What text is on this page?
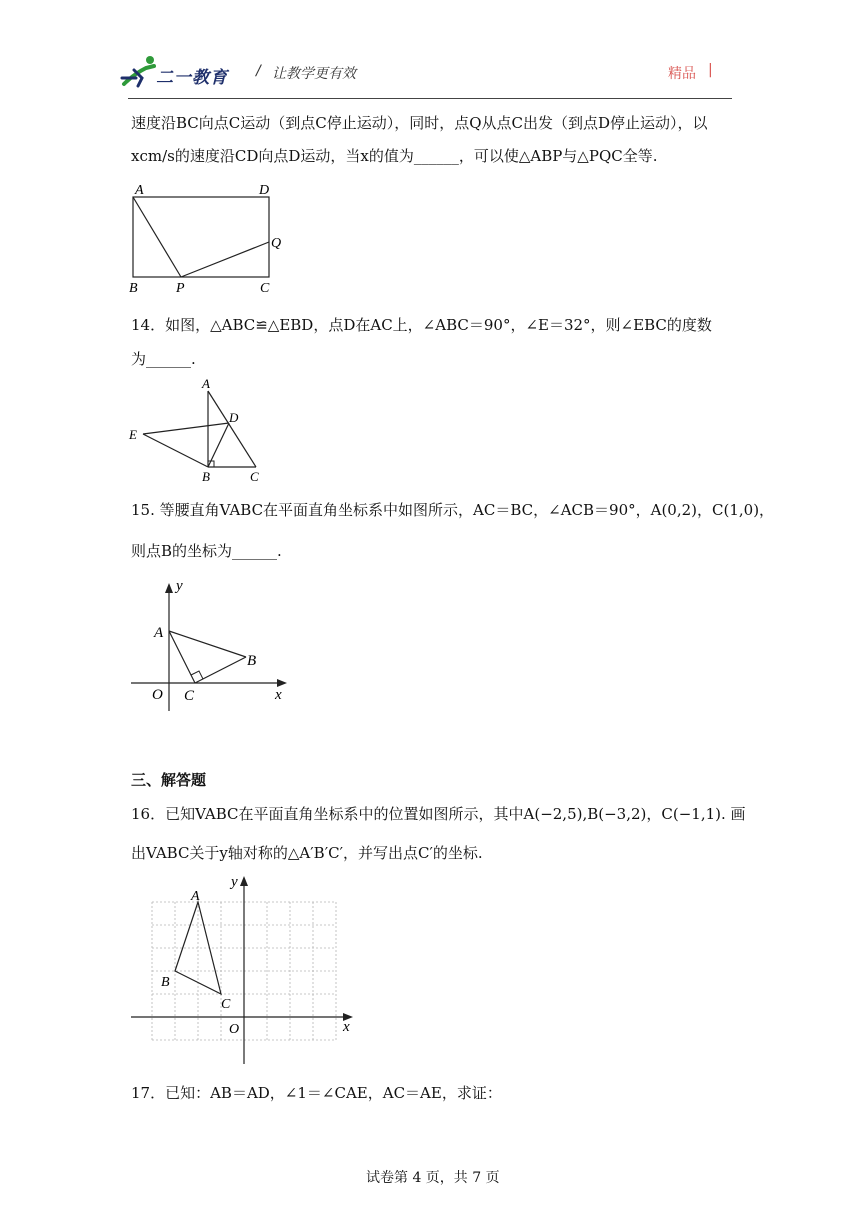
二一教育 / 让教学更有效	精品 |
速度沿BC向点C运动（到点C停止运动），同时，点Q从点C出发（到点D停止运动），以
xcm/s的速度沿CD向点D运动，当x的值为______，可以使△ABP与△PQC全等.
A	D
Q
B	P	C
14．如图，△ABC≌△EBD，点D在AC上，∠ABC＝90°，∠E＝32°，则∠EBC的度数
为______.
A
D
E
B	C
15. 等腰直角VABC在平面直角坐标系中如图所示，AC＝BC，∠ACB＝90°，A(0,2)，C(1,0)，
则点B的坐标为______.
y
A
B
O C	x
三、解答题
16．已知VABC在平面直角坐标系中的位置如图所示，其中A(−2,5),B(−3,2)，C(−1,1). 画
出VABC关于y轴对称的△A′B′C′，并写出点C′的坐标.
y
A
B
C
O	x
17．已知：AB＝AD，∠1＝∠CAE，AC＝AE，求证：
试卷第 4 页，共 7 页
